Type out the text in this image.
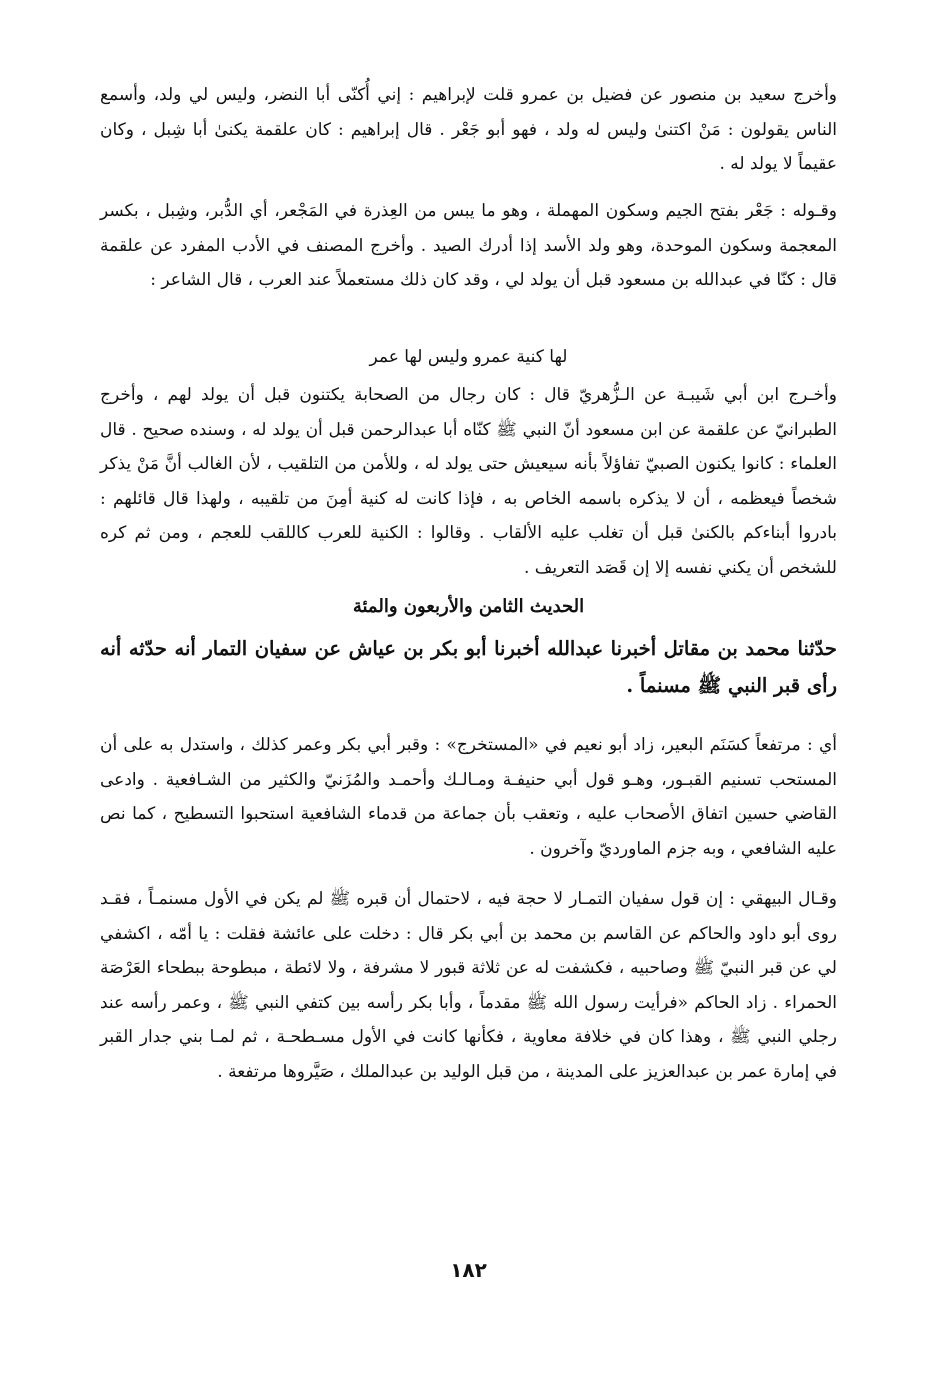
وأخرج سعيد بن منصور عن فضيل بن عمرو قلت لإبراهيم : إني أُكنّى أبا النضر، وليس لي ولد، وأسمع الناس يقولون : مَنْ اكتنىٰ وليس له ولد ، فهو أبو جَعْر . قال إبراهيم : كان علقمة يكنىٰ أبا شِبل ، وكان عقيماً لا يولد له .

وقـوله : جَعْر بفتح الجيم وسكون المهملة ، وهو ما يبس من العِذرة في المَجْعر، أي الدُّبر، وشِبل ، بكسر المعجمة وسكون الموحدة، وهو ولد الأسد إذا أدرك الصيد . وأخرج المصنف في الأدب المفرد عن علقمة قال : كنّا في عبدالله بن مسعود قبل أن يولد لي ، وقد كان ذلك مستعملاً عند العرب ، قال الشاعر :

لها كنية عمرو وليس لها عمر

وأخـرج ابن أبي شَيبـة عن الـزُّهريّ قال : كان رجال من الصحابة يكتنون قبل أن يولد لهم ، وأخرج الطبرانيّ عن علقمة عن ابن مسعود أنّ النبي ﷺ كنّاه أبا عبدالرحمن قبل أن يولد له ، وسنده صحيح . قال العلماء : كانوا يكنون الصبيّ تفاؤلاً بأنه سيعيش حتى يولد له ، وللأمن من التلقيب ، لأن الغالب أنَّ مَنْ يذكر شخصاً فيعظمه ، أن لا يذكره باسمه الخاص به ، فإذا كانت له كنية أمِنَ من تلقيبه ، ولهذا قال قائلهم : بادروا أبناءكم بالكنىٰ قبل أن تغلب عليه الألقاب . وقالوا : الكنية للعرب كاللقب للعجم ، ومن ثم كره للشخص أن يكني نفسه إلا إن قَصَد التعريف .

الحديث الثامن والأربعون والمئة

حدّثنا محمد بن مقاتل أخبرنا عبدالله أخبرنا أبو بكر بن عياش عن سفيان التمار أنه حدّثه أنه رأى قبر النبي ﷺ مسنماً .

أي : مرتفعاً كسَنَم البعير، زاد أبو نعيم في «المستخرج» : وقبر أبي بكر وعمر كذلك ، واستدل به على أن المستحب تسنيم القبـور، وهـو قول أبي حنيفـة ومـالـك وأحمـد والمُزَنيّ والكثير من الشـافعية . وادعى القاضي حسين اتفاق الأصحاب عليه ، وتعقب بأن جماعة من قدماء الشافعية استحبوا التسطيح ، كما نص عليه الشافعي ، وبه جزم الماورديّ وآخرون .

وقـال البيهقي : إن قول سفيان التمـار لا حجة فيه ، لاحتمال أن قبره ﷺ لم يكن في الأول مسنمـاً ، فقـد روى أبو داود والحاكم عن القاسم بن محمد بن أبي بكر قال : دخلت على عائشة فقلت : يا أمّه ، اكشفي لي عن قبر النبيّ ﷺ وصاحبيه ، فكشفت له عن ثلاثة قبور لا مشرفة ، ولا لائطة ، مبطوحة ببطحاء العَرْصَة الحمراء . زاد الحاكم «فرأيت رسول الله ﷺ مقدماً ، وأبا بكر رأسه بين كتفي النبي ﷺ ، وعمر رأسه عند رجلي النبي ﷺ ، وهذا كان في خلافة معاوية ، فكأنها كانت في الأول مسـطحـة ، ثم لمـا بني جدار القبر في إمارة عمر بن عبدالعزيز على المدينة ، من قبل الوليد بن عبدالملك ، صَيَّروها مرتفعة .

١٨٢
